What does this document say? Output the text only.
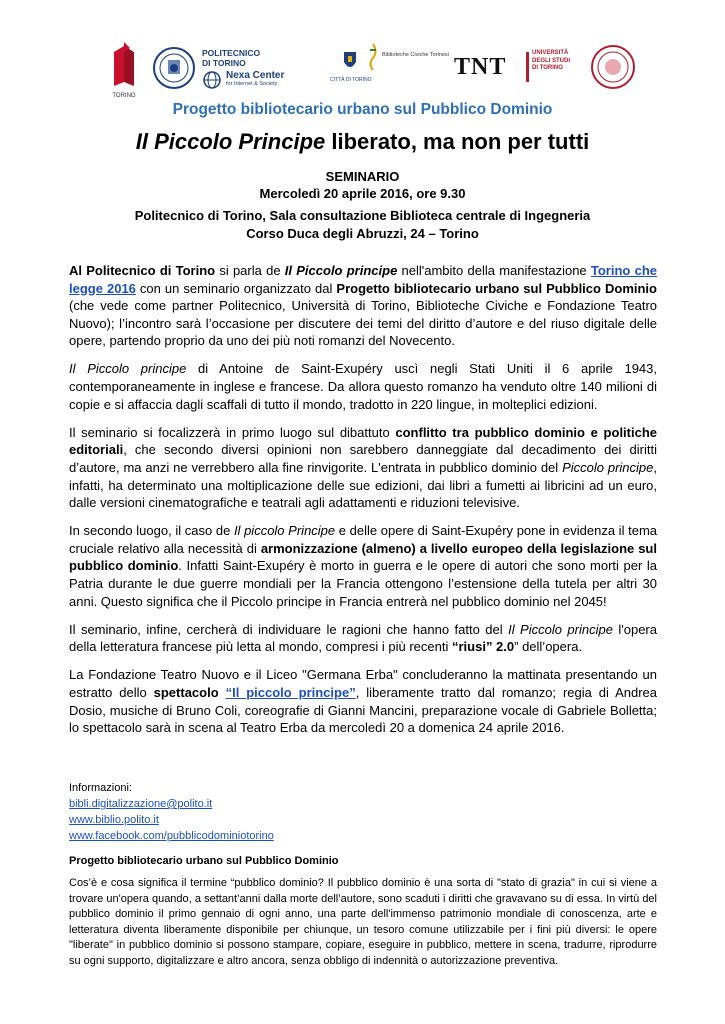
TORINO
POLITECNICO
DI TORINO
Nexa Center
for Internet & Society
CITTÀ DI TORINO
Biblioteche Civiche Torinesi TNT
UNIVERSITÀ
DEGLI STUDI
DI TORINO
Progetto bibliotecario urbano sul Pubblico Dominio
Il Piccolo Principe liberato, ma non per tutti
SEMINARIO
Mercoledì 20 aprile 2016, ore 9.30
Politecnico di Torino, Sala consultazione Biblioteca centrale di Ingegneria
Corso Duca degli Abruzzi, 24 – Torino

Al Politecnico di Torino si parla de Il Piccolo principe nell'ambito della manifestazione Torino che legge 2016 con un seminario organizzato dal Progetto bibliotecario urbano sul Pubblico Dominio (che vede come partner Politecnico, Università di Torino, Biblioteche Civiche e Fondazione Teatro Nuovo); l’incontro sarà l’occasione per discutere dei temi del diritto d’autore e del riuso digitale delle opere, partendo proprio da uno dei più noti romanzi del Novecento.

Il Piccolo principe di Antoine de Saint-Exupéry uscì negli Stati Uniti il 6 aprile 1943, contemporaneamente in inglese e francese. Da allora questo romanzo ha venduto oltre 140 milioni di copie e si affaccia dagli scaffali di tutto il mondo, tradotto in 220 lingue, in molteplici edizioni.

Il seminario si focalizzerà in primo luogo sul dibattuto conflitto tra pubblico dominio e politiche editoriali, che secondo diversi opinioni non sarebbero danneggiate dal decadimento dei diritti d’autore, ma anzi ne verrebbero alla fine rinvigorite. L'entrata in pubblico dominio del Piccolo principe, infatti, ha determinato una moltiplicazione delle sue edizioni, dai libri a fumetti ai libricini ad un euro, dalle versioni cinematografiche e teatrali agli adattamenti e riduzioni televisive.

In secondo luogo, il caso de Il piccolo Principe e delle opere di Saint-Exupéry pone in evidenza il tema cruciale relativo alla necessità di armonizzazione (almeno) a livello europeo della legislazione sul pubblico dominio. Infatti Saint-Exupéry è morto in guerra e le opere di autori che sono morti per la Patria durante le due guerre mondiali per la Francia ottengono l’estensione della tutela per altri 30 anni. Questo significa che il Piccolo principe in Francia entrerà nel pubblico dominio nel 2045!

Il seminario, infine, cercherà di individuare le ragioni che hanno fatto del Il Piccolo principe l'opera della letteratura francese più letta al mondo, compresi i più recenti “riusi” 2.0” dell’opera.

La Fondazione Teatro Nuovo e il Liceo "Germana Erba" concluderanno la mattinata presentando un estratto dello spettacolo “Il piccolo principe”, liberamente tratto dal romanzo; regia di Andrea Dosio, musiche di Bruno Coli, coreografie di Gianni Mancini, preparazione vocale di Gabriele Bolletta; lo spettacolo sarà in scena al Teatro Erba da mercoledì 20 a domenica 24 aprile 2016.

Informazioni:
bibli.digitalizzazione@polito.it
www.biblio.polito.it
www.facebook.com/pubblicodominiotorino
Progetto bibliotecario urbano sul Pubblico Dominio
Cos’è e cosa significa il termine “pubblico dominio? Il pubblico dominio è una sorta di "stato di grazia" in cui si viene a trovare un'opera quando, a settant’anni dalla morte dell’autore, sono scaduti i diritti che gravavano su di essa. In virtù del pubblico dominio il primo gennaio di ogni anno, una parte dell'immenso patrimonio mondiale di conoscenza, arte e letteratura diventa liberamente disponibile per chiunque, un tesoro comune utilizzabile per i fini più diversi: le opere "liberate" in pubblico dominio si possono stampare, copiare, eseguire in pubblico, mettere in scena, tradurre, riprodurre su ogni supporto, digitalizzare e altro ancora, senza obbligo di indennità o autorizzazione preventiva.
